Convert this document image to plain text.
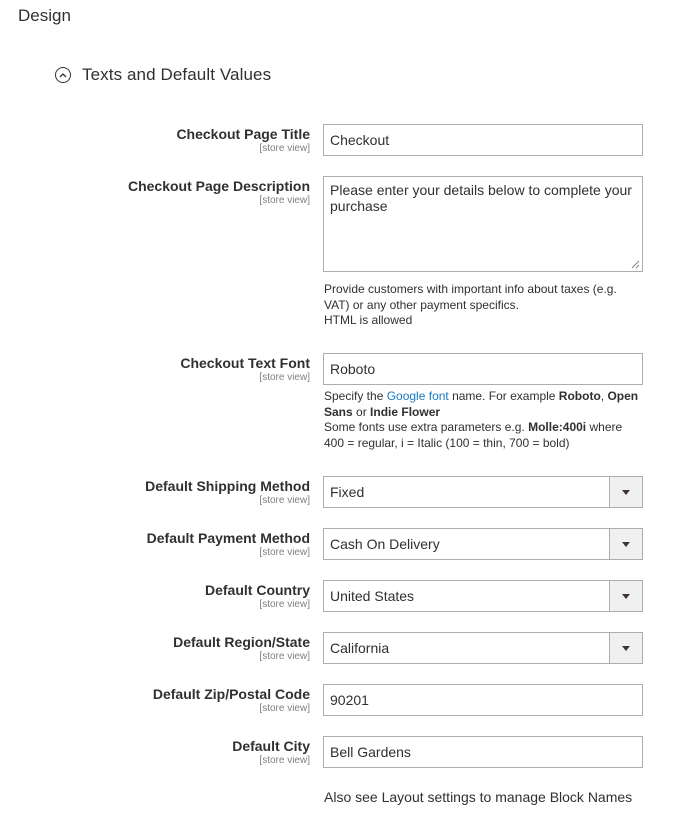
Design
Texts and Default Values
Checkout Page Title
[store view]
Checkout
Checkout Page Description
[store view]
Please enter your details below to complete your purchase
Provide customers with important info about taxes (e.g.
VAT) or any other payment specifics.
HTML is allowed
Checkout Text Font
[store view]
Roboto
Specify the Google font name. For example Roboto, Open
Sans or Indie Flower
Some fonts use extra parameters e.g. Molle:400i where
400 = regular, i = Italic (100 = thin, 700 = bold)
Default Shipping Method
[store view]
Fixed
Default Payment Method
[store view]
Cash On Delivery
Default Country
[store view]
United States
Default Region/State
[store view]
California
Default Zip/Postal Code
[store view]
90201
Default City
[store view]
Bell Gardens
Also see Layout settings to manage Block Names
